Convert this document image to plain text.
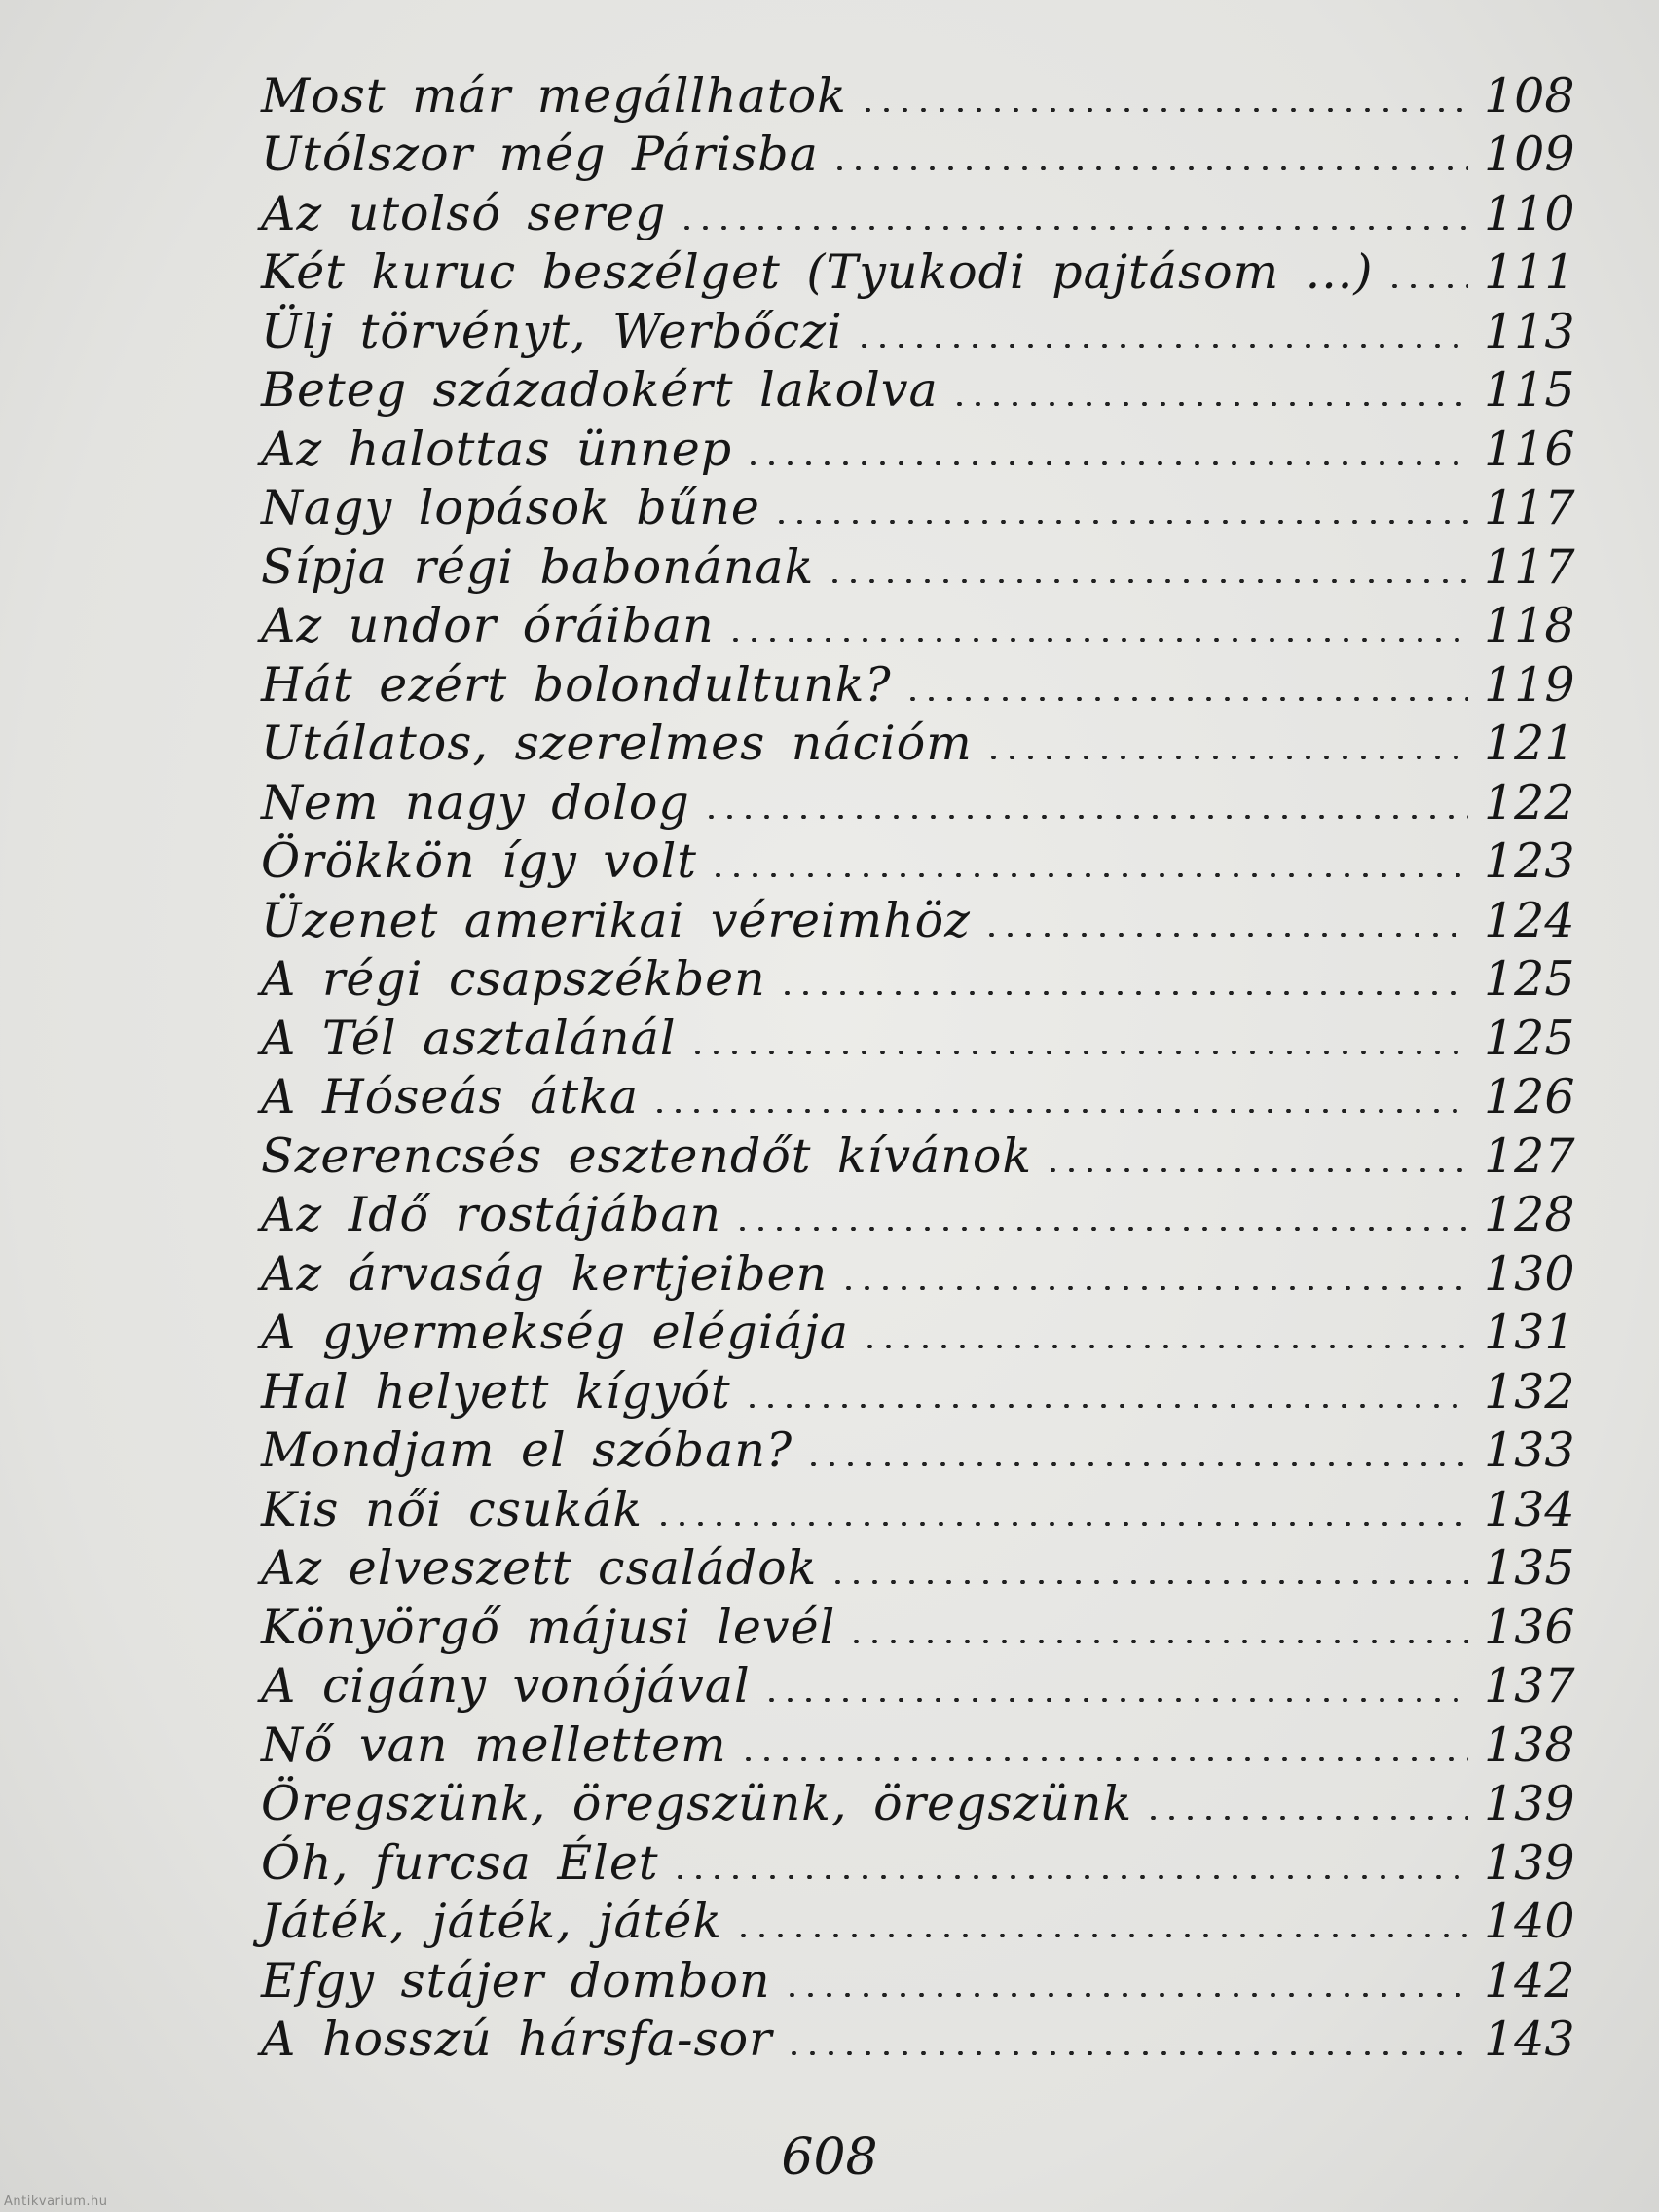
Most már megállhatok	108
Utólszor még Párisba	109
Az utolsó sereg	110
Két kuruc beszélget (Tyukodi pajtásom ...) 111
Ülj törvényt, Werbőczi	113
Beteg századokért lakolva	115
Az halottas ünnep	116
Nagy lopások bűne	117
Sípja régi babonának	117
Az undor óráiban	118
Hát ezért bolondultunk?	119
Utálatos, szerelmes nációm	121
Nem nagy dolog	122
Örökkön így volt	123
Üzenet amerikai véreimhöz	124
A régi csapszékben	125
A Tél asztalánál	125
A Hóseás átka	126
Szerencsés esztendőt kívánok	127
Az Idő rostájában	128
Az árvaság kertjeiben	130
A gyermekség elégiája	131
Hal helyett kígyót	132
Mondjam el szóban?	133
Kis női csukák	134
Az elveszett családok	135
Könyörgő májusi levél	136
A cigány vonójával	137
Nő van mellettem	138
Öregszünk, öregszünk, öregszünk	139
Óh, furcsa Élet	139
Játék, játék, játék	140
Efgy stájer dombon	142
A hosszú hársfa-sor	143
608
Antikvarium.hu
